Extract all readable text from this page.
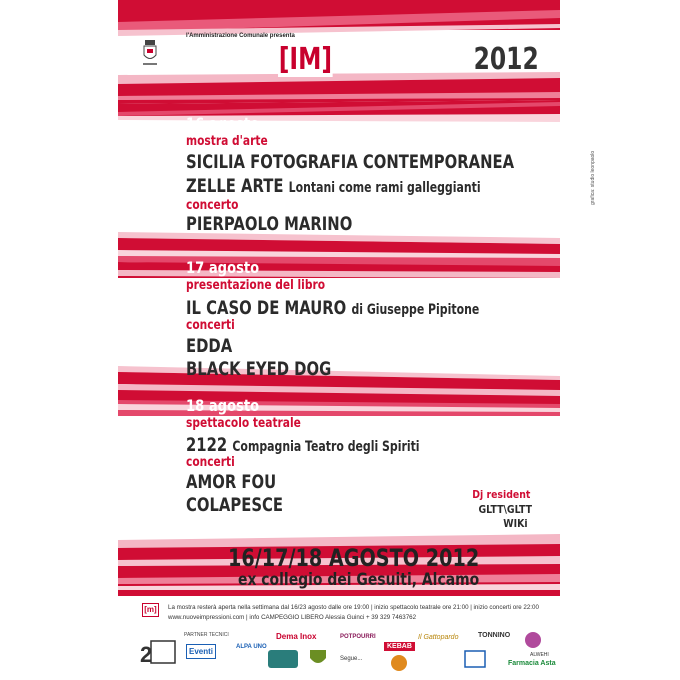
l'Amministrazione Comunale presenta
NUOVE[IM]PRESSIONI2012
16 agosto
mostra d'arte
SICILIA FOTOGRAFIA CONTEMPORANEA
ZELLE ARTE Lontani come rami galleggianti
concerto
PIERPAOLO MARINO
17 agosto
presentazione del libro
IL CASO DE MAURO di Giuseppe Pipitone
concerti
EDDA
BLACK EYED DOG
18 agosto
spettacolo teatrale
2122 Compagnia Teatro degli Spiriti
concerti
AMOR FOU
COLAPESCE	Dj resident
GLTT\GLTT
WIKi
16/17/18 AGOSTO 2012
ex collegio dei Gesuiti, Alcamo
[m]	La mostra resterà aperta nella settimana dal 16/23 agosto dalle ore 19:00 | inizio spettacolo teatrale ore 21:00 | inizio concerti ore 22:00
www.nuoveimpressioni.com | info CAMPEGGIO LIBERO Alessia Guinci + 39 329 7463762
PARTNER TECNICI
2	Eventi	ALPA UNO
Dema Inox	POTPOURRI
KEBAB
Il Gattopardo	TONNINO
ALWEHI
Segue...
Farmacia Asta
grafica: studio leonpaolo
